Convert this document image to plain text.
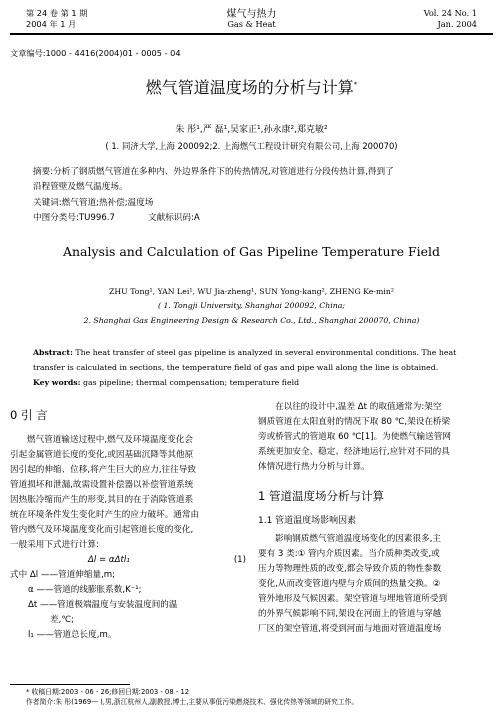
第 24 卷 第 1 期
2004 年 1 月
煤气与热力
Gas & Heat
Vol. 24 No. 1
Jan. 2004
文章编号:1000 - 4416(2004)01 - 0005 - 04
燃气管道温度场的分析与计算*
朱 彤¹,严 磊¹,吴家正¹,孙永康²,郑克敏²
( 1. 同济大学,上海 200092;2. 上海燃气工程设计研究有限公司,上海 200070)
摘要:分析了钢质燃气管道在多种内、外边界条件下的传热情况,对管道进行分段传热计算,得到了
沿程管壁及燃气温度场。
关键词:燃气管道;热补偿;温度场
中图分类号:TU996.7	文献标识码:A
Analysis and Calculation of Gas Pipeline Temperature Field
ZHU Tong¹, YAN Lei¹, WU Jia-zheng¹, SUN Yong-kang², ZHENG Ke-min²
( 1. Tongji University, Shanghai 200092, China;
2. Shanghai Gas Engineering Design & Research Co., Ltd., Shanghai 200070, China)
Abstract: The heat transfer of steel gas pipeline is analyzed in several environmental conditions. The heat
transfer is calculated in sections, the temperature field of gas and pipe wall along the line is obtained.
Key words: gas pipeline; thermal compensation; temperature field
0 引 言

燃气管道输送过程中,燃气及环境温度变化会

引起金属管道长度的变化,或因基础沉降等其他原

因引起的伸缩、位移,将产生巨大的应力,往往导致

管道损坏和泄漏,故需设置补偿器以补偿管道系统

因热胀冷缩而产生的形变,其目的在于消除管道系

统在环境条件发生变化时产生的应力破坏。通常由

管内燃气及环境温度变化而引起管道长度的变化,

一般采用下式进行计算:

Δl = αΔtl₁	(1)

式中 Δl ——管道伸缩量,m;

α ——管道的线膨胀系数,K⁻¹;

Δt ——管道极端温度与安装温度间的温

差,℃;

l₁ ——管道总长度,m。

在以往的设计中,温差 Δt 的取值通常为:架空

钢质管道在太阳直射的情况下取 80 ℃,架设在桥梁

旁或桥管式的管道取 60 ℃[1]。为使燃气输送管网

系统更加安全、稳定、经济地运行,应针对不同的具

体情况进行热力分析与计算。

1 管道温度场分析与计算
1.1 管道温度场影响因素

影响钢质燃气管道温度场变化的因素很多,主

要有 3 类:① 管内介质因素。当介质种类改变,或

压力等物理性质的改变,都会导致介质的物性参数

变化,从而改变管道内壁与介质间的热量交换。②

管外地形及气候因素。架空管道与埋地管道所受到

的外界气候影响不同,架设在河面上的管道与穿越

厂区的架空管道,将受到河面与地面对管道温度场

* 收稿日期:2003 - 06 - 26;修回日期:2003 - 08 - 12
作者简介:朱 彤(1969— ),男,浙江杭州人,副教授,博士,主要从事低污染燃烧技术、强化传热等领域的研究工作。
